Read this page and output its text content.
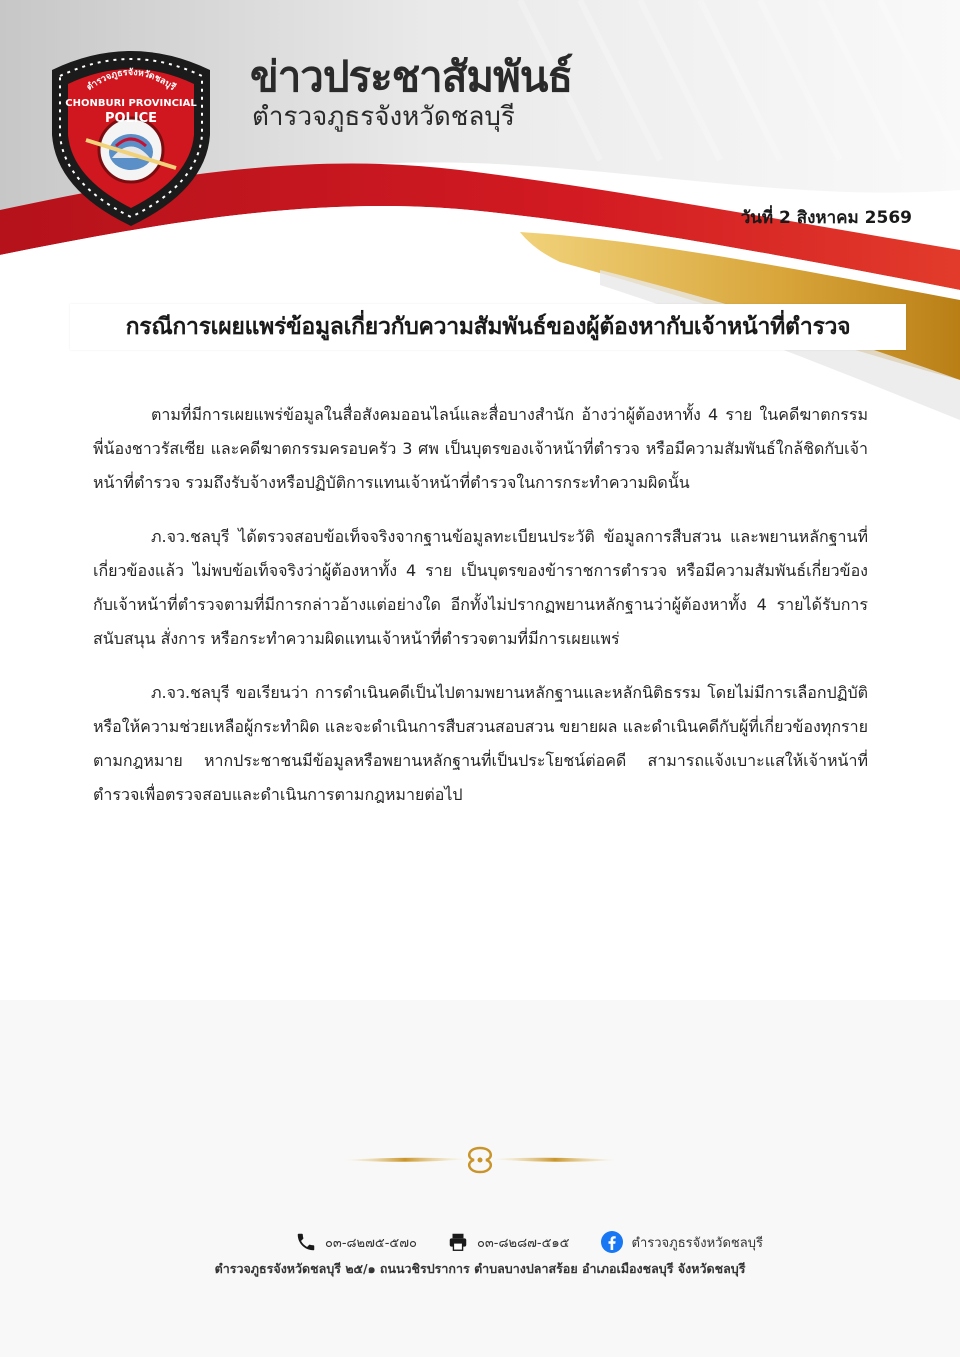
ตำรวจภูธรจังหวัดชลบุรี
CHONBURI PROVINCIAL
POLICE
ข่าวประชาสัมพันธ์
ตำรวจภูธรจังหวัดชลบุรี
วันที่ 2 สิงหาคม 2569
กรณีการเผยแพร่ข้อมูลเกี่ยวกับความสัมพันธ์ของผู้ต้องหากับเจ้าหน้าที่ตำรวจ

ตามที่มีการเผยแพร่ข้อมูลในสื่อสังคมออนไลน์และสื่อบางสำนัก อ้างว่าผู้ต้องหาทั้ง 4 ราย ในคดีฆาตกรรมพี่น้องชาวรัสเซีย และคดีฆาตกรรมครอบครัว 3 ศพ เป็นบุตรของเจ้าหน้าที่ตำรวจ หรือมีความสัมพันธ์ใกล้ชิดกับเจ้าหน้าที่ตำรวจ รวมถึงรับจ้างหรือปฏิบัติการแทนเจ้าหน้าที่ตำรวจในการกระทำความผิดนั้น

ภ.จว.ชลบุรี ได้ตรวจสอบข้อเท็จจริงจากฐานข้อมูลทะเบียนประวัติ ข้อมูลการสืบสวน และพยานหลักฐานที่เกี่ยวข้องแล้ว ไม่พบข้อเท็จจริงว่าผู้ต้องหาทั้ง 4 ราย เป็นบุตรของข้าราชการตำรวจ หรือมีความสัมพันธ์เกี่ยวข้องกับเจ้าหน้าที่ตำรวจตามที่มีการกล่าวอ้างแต่อย่างใด อีกทั้งไม่ปรากฏพยานหลักฐานว่าผู้ต้องหาทั้ง 4 รายได้รับการสนับสนุน สั่งการ หรือกระทำความผิดแทนเจ้าหน้าที่ตำรวจตามที่มีการเผยแพร่

ภ.จว.ชลบุรี ขอเรียนว่า การดำเนินคดีเป็นไปตามพยานหลักฐานและหลักนิติธรรม โดยไม่มีการเลือกปฏิบัติหรือให้ความช่วยเหลือผู้กระทำผิด และจะดำเนินการสืบสวนสอบสวน ขยายผล และดำเนินคดีกับผู้ที่เกี่ยวข้องทุกรายตามกฎหมาย หากประชาชนมีข้อมูลหรือพยานหลักฐานที่เป็นประโยชน์ต่อคดี สามารถแจ้งเบาะแสให้เจ้าหน้าที่ตำรวจเพื่อตรวจสอบและดำเนินการตามกฎหมายต่อไป

๐๓-๘๒๗๕-๕๗๐	๐๓-๘๒๘๗-๕๑๕	ตำรวจภูธรจังหวัดชลบุรี
ตำรวจภูธรจังหวัดชลบุรี ๒๕/๑ ถนนวชิรปราการ ตำบลบางปลาสร้อย อำเภอเมืองชลบุรี จังหวัดชลบุรี
